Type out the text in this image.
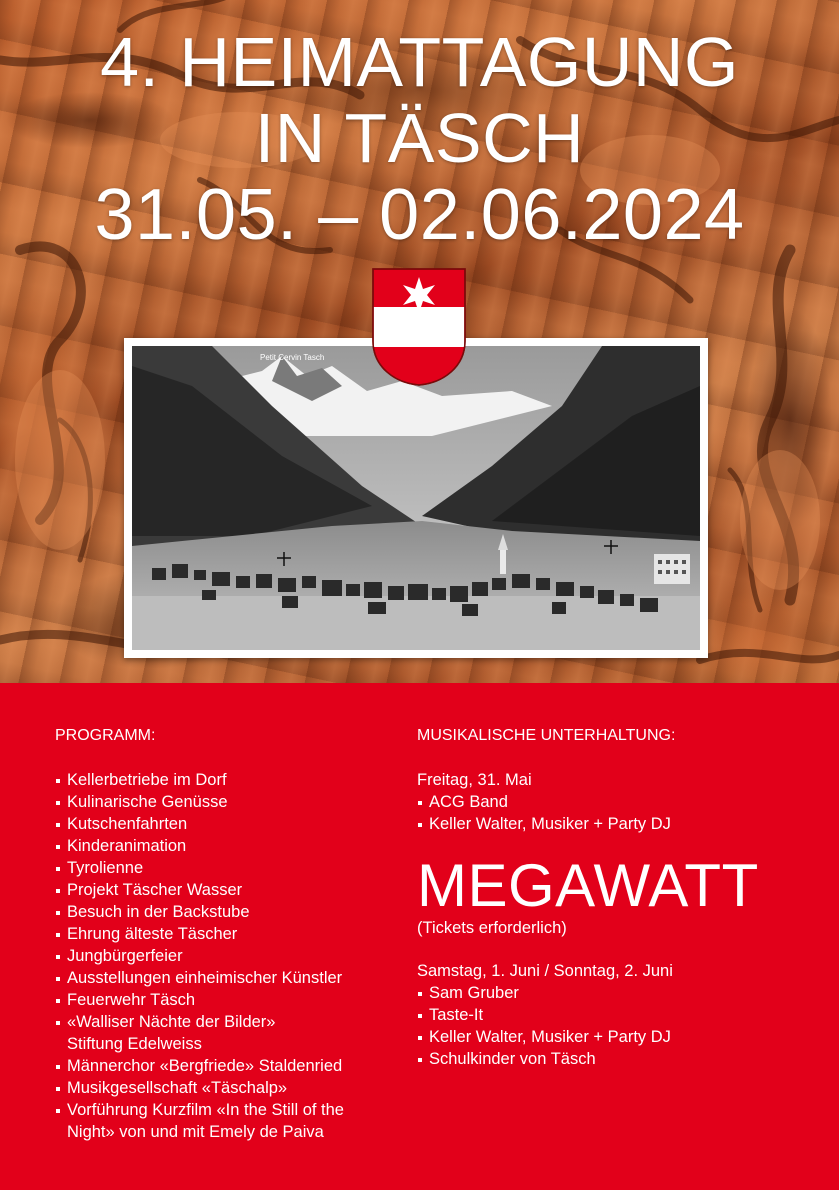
4. HEIMATTAGUNG
IN TÄSCH
31.05. – 02.06.2024
Petit Cervin Tasch
PROGRAMM:
Kellerbetriebe im Dorf
Kulinarische Genüsse
Kutschenfahrten
Kinderanimation
Tyrolienne
Projekt Täscher Wasser
Besuch in der Backstube
Ehrung älteste Täscher
Jungbürgerfeier
Ausstellungen einheimischer Künstler
Feuerwehr Täsch
«Walliser Nächte der Bilder»
Stiftung Edelweiss
Männerchor «Bergfriede» Staldenried
Musikgesellschaft «Täschalp»
Vorführung Kurzfilm «In the Still of the
Night» von und mit Emely de Paiva
MUSIKALISCHE UNTERHALTUNG:

Freitag, 31. Mai

ACG Band
Keller Walter, Musiker + Party DJ
MEGAWATT

(Tickets erforderlich)

Samstag, 1. Juni / Sonntag, 2. Juni

Sam Gruber
Taste-It
Keller Walter, Musiker + Party DJ
Schulkinder von Täsch
